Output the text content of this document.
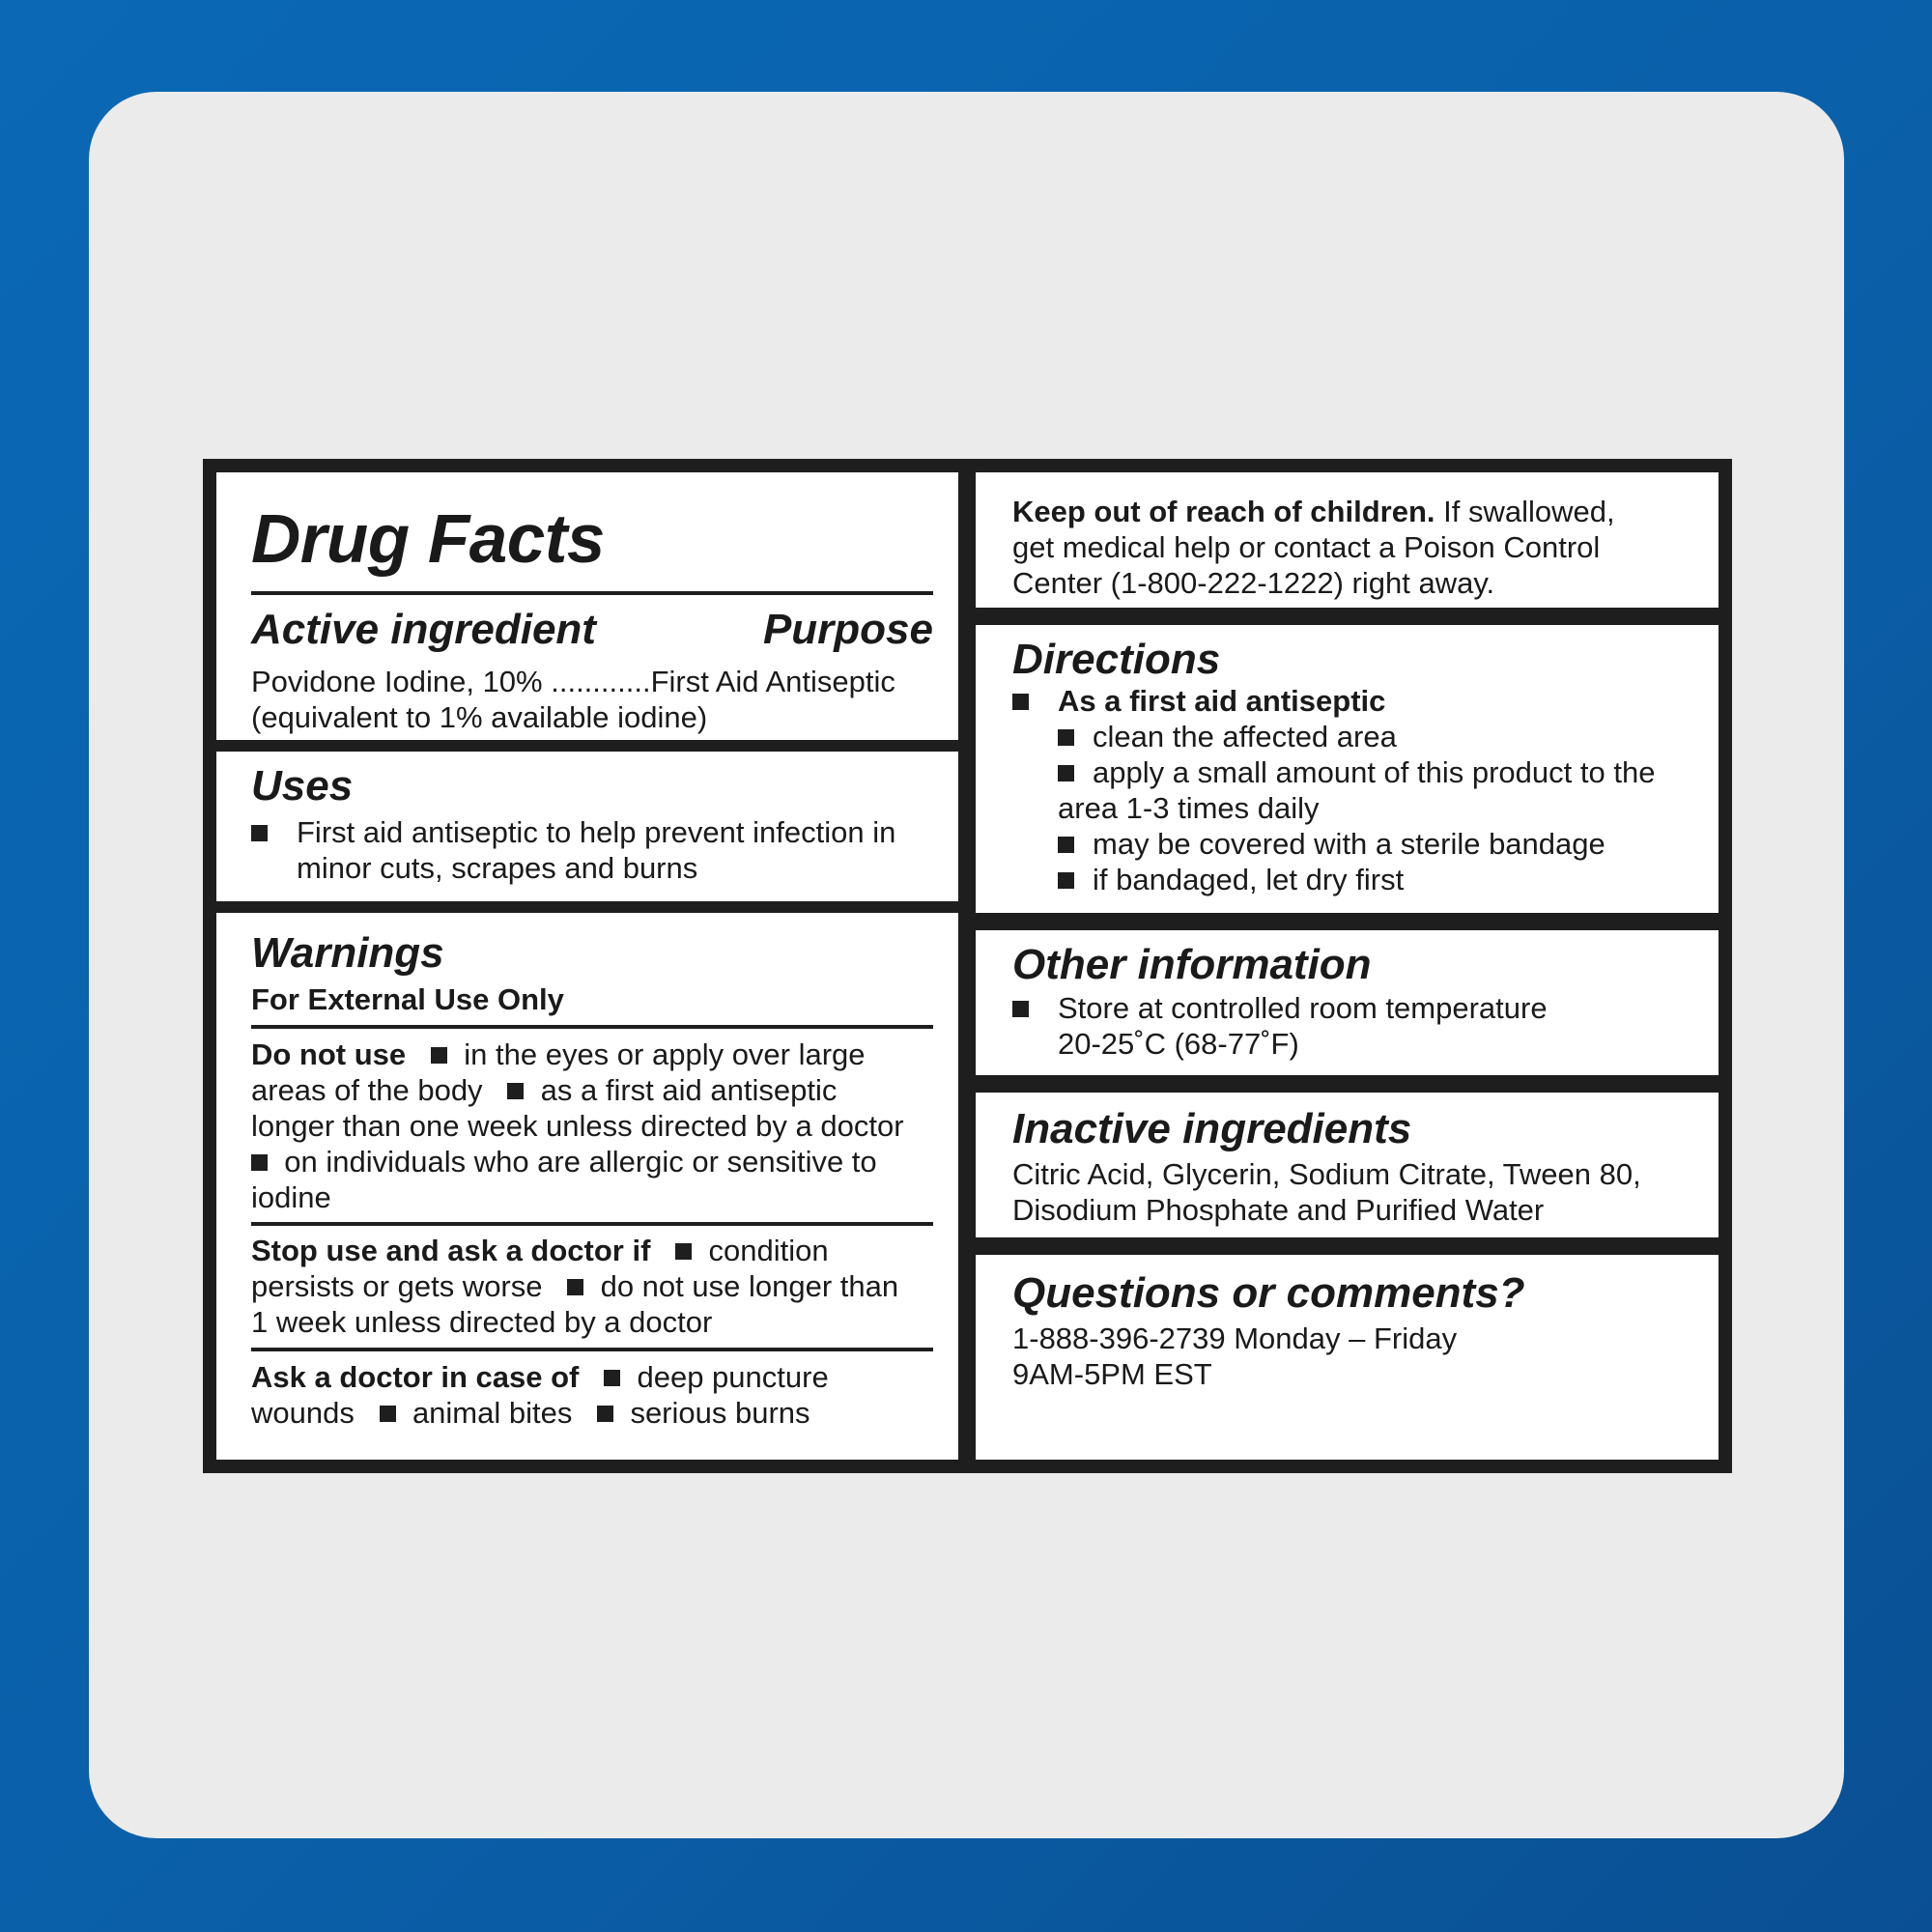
Drug Facts
Active ingredient	Purpose
Povidone Iodine, 10% ............First Aid Antiseptic
(equivalent to 1% available iodine)
Uses
First aid antiseptic to help prevent infection in
minor cuts, scrapes and burns
Warnings
For External Use Only
Do not use in the eyes or apply over large
areas of the body as a first aid antiseptic
longer than one week unless directed by a doctor
on individuals who are allergic or sensitive to
iodine
Stop use and ask a doctor if condition
persists or gets worse do not use longer than
1 week unless directed by a doctor
Ask a doctor in case of deep puncture
wounds animal bites serious burns
Keep out of reach of children. If swallowed,
get medical help or contact a Poison Control
Center (1-800-222-1222) right away.
Directions
As a first aid antiseptic
clean the affected area
apply a small amount of this product to the
area 1-3 times daily
may be covered with a sterile bandage
if bandaged, let dry first
Other information
Store at controlled room temperature
20-25˚C (68-77˚F)
Inactive ingredients
Citric Acid, Glycerin, Sodium Citrate, Tween 80,
Disodium Phosphate and Purified Water
Questions or comments?
1-888-396-2739 Monday – Friday
9AM-5PM EST
